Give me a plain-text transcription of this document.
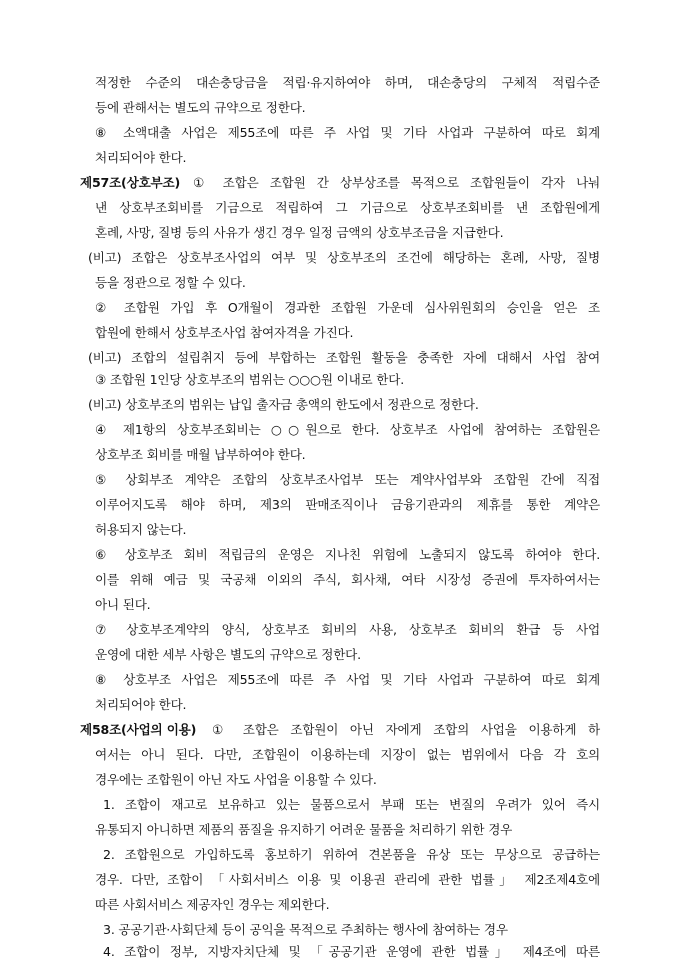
적정한 수준의 대손충당금을 적립·유지하여야 하며, 대손충당의 구체적 적립수준
등에 관해서는 별도의 규약으로 정한다.
⑧ 소액대출 사업은 제55조에 따른 주 사업 및 기타 사업과 구분하여 따로 회계
처리되어야 한다.
제57조(상호부조) ① 조합은 조합원 간 상부상조를 목적으로 조합원들이 각자 나눠
낸 상호부조회비를 기금으로 적립하여 그 기금으로 상호부조회비를 낸 조합원에게
혼례, 사망, 질병 등의 사유가 생긴 경우 일정 금액의 상호부조금을 지급한다.
(비고) 조합은 상호부조사업의 여부 및 상호부조의 조건에 해당하는 혼례, 사망, 질병
등을 정관으로 정할 수 있다.
② 조합원 가입 후 O개월이 경과한 조합원 가운데 심사위원회의 승인을 얻은 조
합원에 한해서 상호부조사업 참여자격을 가진다.
(비고) 조합의 설립취지 등에 부합하는 조합원 활동을 충족한 자에 대해서 사업 참여
③ 조합원 1인당 상호부조의 범위는 ○○○원 이내로 한다.
(비고) 상호부조의 범위는 납입 출자금 총액의 한도에서 정관으로 정한다.
④ 제1항의 상호부조회비는 ○○원으로 한다. 상호부조 사업에 참여하는 조합원은
상호부조 회비를 매월 납부하여야 한다.
⑤ 상회부조 계약은 조합의 상호부조사업부 또는 계약사업부와 조합원 간에 직접
이루어지도록 해야 하며, 제3의 판매조직이나 금융기관과의 제휴를 통한 계약은
허용되지 않는다.
⑥ 상호부조 회비 적립금의 운영은 지나친 위험에 노출되지 않도록 하여야 한다.
이를 위해 예금 및 국공채 이외의 주식, 회사채, 여타 시장성 증권에 투자하여서는
아니 된다.
⑦ 상호부조계약의 양식, 상호부조 회비의 사용, 상호부조 회비의 환급 등 사업
운영에 대한 세부 사항은 별도의 규약으로 정한다.
⑧ 상호부조 사업은 제55조에 따른 주 사업 및 기타 사업과 구분하여 따로 회계
처리되어야 한다.
제58조(사업의 이용) ① 조합은 조합원이 아닌 자에게 조합의 사업을 이용하게 하
여서는 아니 된다. 다만, 조합원이 이용하는데 지장이 없는 범위에서 다음 각 호의
경우에는 조합원이 아닌 자도 사업을 이용할 수 있다.
1. 조합이 재고로 보유하고 있는 물품으로서 부패 또는 변질의 우려가 있어 즉시
유통되지 아니하면 제품의 품질을 유지하기 어려운 물품을 처리하기 위한 경우
2. 조합원으로 가입하도록 홍보하기 위하여 견본품을 유상 또는 무상으로 공급하는
경우. 다만, 조합이 「사회서비스 이용 및 이용권 관리에 관한 법률」 제2조제4호에
따른 사회서비스 제공자인 경우는 제외한다.
3. 공공기관·사회단체 등이 공익을 목적으로 주최하는 행사에 참여하는 경우
4. 조합이 정부, 지방자치단체 및 「공공기관 운영에 관한 법률」 제4조에 따른
